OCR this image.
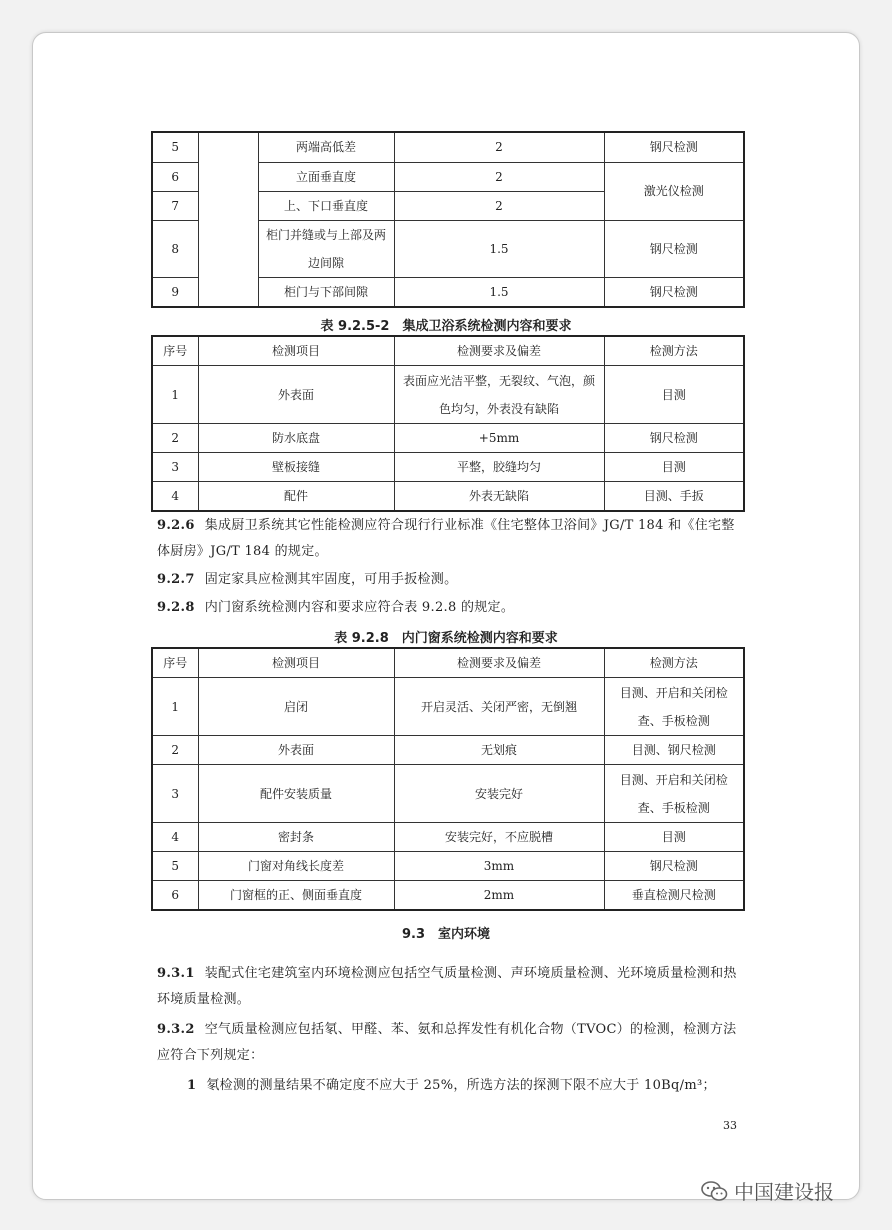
5		两端高低差	2	钢尺检测
6		立面垂直度	2	激光仪检测
7		上、下口垂直度	2	
8		柜门并缝或与上部及两边间隙	1.5	钢尺检测
9		柜门与下部间隙	1.5	钢尺检测
表 9.2.5-2　集成卫浴系统检测内容和要求
序号	检测项目	检测要求及偏差	检测方法
1	外表面	表面应光洁平整，无裂纹、气泡，颜色均匀，外表没有缺陷	目测
2	防水底盘	+5mm	钢尺检测
3	壁板接缝	平整，胶缝均匀	目测
4	配件	外表无缺陷	目测、手扳
9.2.6 集成厨卫系统其它性能检测应符合现行行业标准《住宅整体卫浴间》JG/T 184 和《住宅整体厨房》JG/T 184 的规定。
9.2.7 固定家具应检测其牢固度，可用手扳检测。
9.2.8 内门窗系统检测内容和要求应符合表 9.2.8 的规定。
表 9.2.8　内门窗系统检测内容和要求
序号	检测项目	检测要求及偏差	检测方法
1	启闭	开启灵活、关闭严密，无倒翘	目测、开启和关闭检查、手板检测
2	外表面	无划痕	目测、钢尺检测
3	配件安装质量	安装完好	目测、开启和关闭检查、手板检测
4	密封条	安装完好，不应脱槽	目测
5	门窗对角线长度差	3mm	钢尺检测
6	门窗框的正、侧面垂直度	2mm	垂直检测尺检测
9.3　室内环境
9.3.1 装配式住宅建筑室内环境检测应包括空气质量检测、声环境质量检测、光环境质量检测和热环境质量检测。
9.3.2 空气质量检测应包括氡、甲醛、苯、氨和总挥发性有机化合物（TVOC）的检测，检测方法应符合下列规定：
1 氡检测的测量结果不确定度不应大于 25%，所选方法的探测下限不应大于 10Bq/m³；
33
中国建设报
